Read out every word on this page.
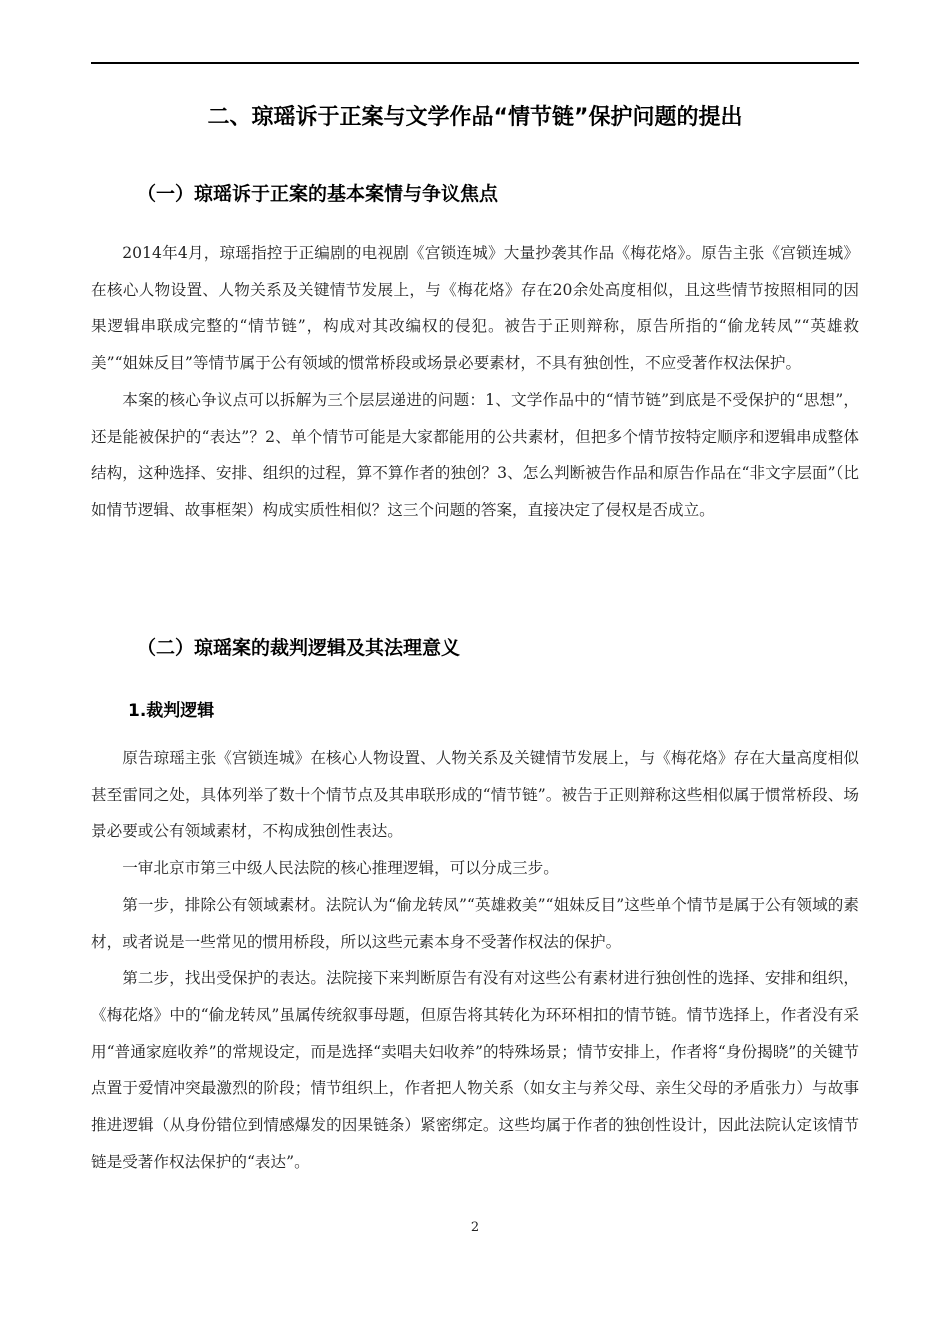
二、琼瑶诉于正案与文学作品“情节链”保护问题的提出
（一）琼瑶诉于正案的基本案情与争议焦点

2014年4月，琼瑶指控于正编剧的电视剧《宫锁连城》大量抄袭其作品《梅花烙》。原告主张《宫锁连城》在核心人物设置、人物关系及关键情节发展上，与《梅花烙》存在20余处高度相似，且这些情节按照相同的因果逻辑串联成完整的“情节链”，构成对其改编权的侵犯。被告于正则辩称，原告所指的“偷龙转凤”“英雄救美”“姐妹反目”等情节属于公有领域的惯常桥段或场景必要素材，不具有独创性，不应受著作权法保护。

本案的核心争议点可以拆解为三个层层递进的问题：1、文学作品中的“情节链”到底是不受保护的“思想”，还是能被保护的“表达”？2、单个情节可能是大家都能用的公共素材，但把多个情节按特定顺序和逻辑串成整体结构，这种选择、安排、组织的过程，算不算作者的独创？3、怎么判断被告作品和原告作品在“非文字层面”（比如情节逻辑、故事框架）构成实质性相似？这三个问题的答案，直接决定了侵权是否成立。

（二）琼瑶案的裁判逻辑及其法理意义
1.裁判逻辑

原告琼瑶主张《宫锁连城》在核心人物设置、人物关系及关键情节发展上，与《梅花烙》存在大量高度相似甚至雷同之处，具体列举了数十个情节点及其串联形成的“情节链”。被告于正则辩称这些相似属于惯常桥段、场景必要或公有领域素材，不构成独创性表达。

一审北京市第三中级人民法院的核心推理逻辑，可以分成三步。

第一步，排除公有领域素材。法院认为“偷龙转凤”“英雄救美”“姐妹反目”这些单个情节是属于公有领域的素材，或者说是一些常见的惯用桥段，所以这些元素本身不受著作权法的保护。

第二步，找出受保护的表达。法院接下来判断原告有没有对这些公有素材进行独创性的选择、安排和组织，《梅花烙》中的“偷龙转凤”虽属传统叙事母题，但原告将其转化为环环相扣的情节链。情节选择上，作者没有采用“普通家庭收养”的常规设定，而是选择“卖唱夫妇收养”的特殊场景；情节安排上，作者将“身份揭晓”的关键节点置于爱情冲突最激烈的阶段；情节组织上，作者把人物关系（如女主与养父母、亲生父母的矛盾张力）与故事推进逻辑（从身份错位到情感爆发的因果链条）紧密绑定。这些均属于作者的独创性设计，因此法院认定该情节链是受著作权法保护的“表达”。

2
